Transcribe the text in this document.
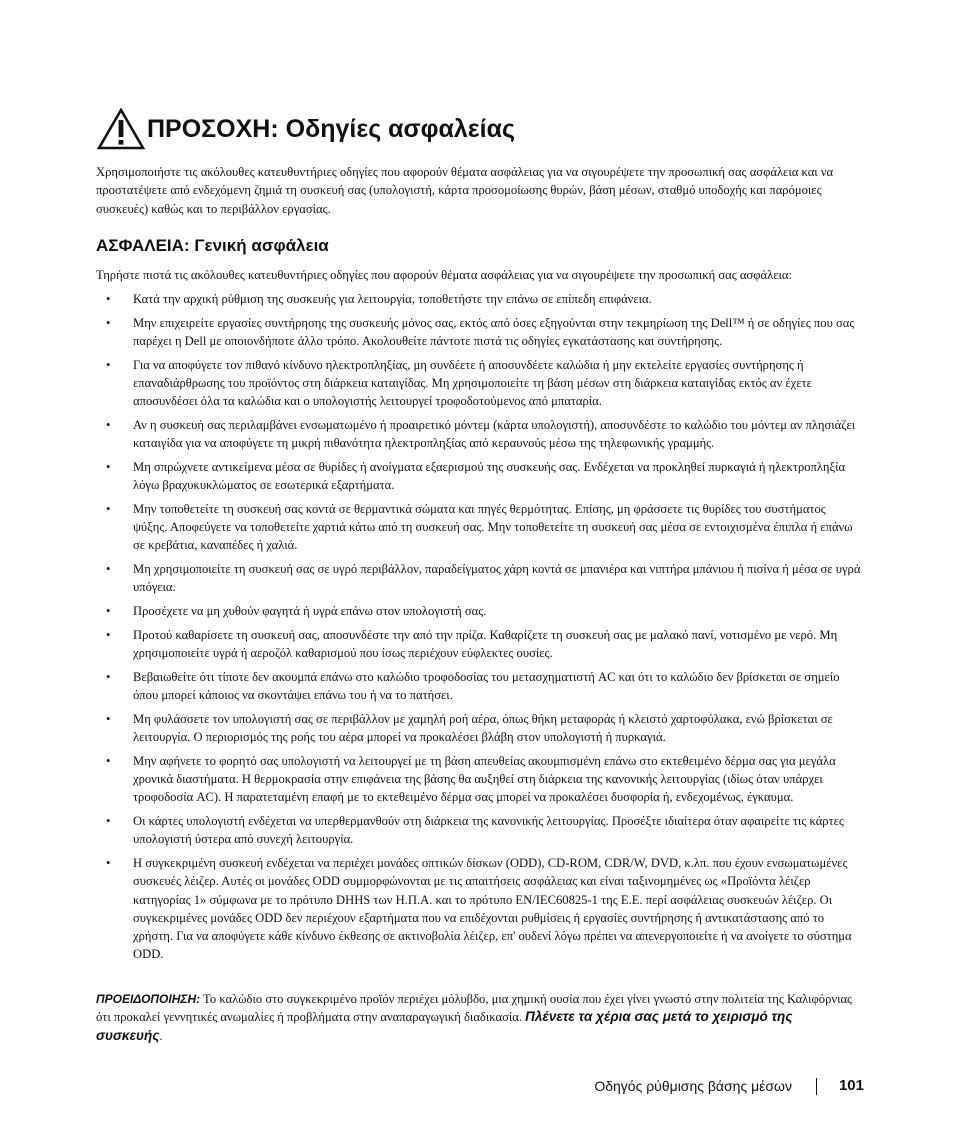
ΠΡΟΣΟΧΗ: Οδηγίες ασφαλείας

Χρησιμοποιήστε τις ακόλουθες κατευθυντήριες οδηγίες που αφορούν θέματα ασφάλειας για να σιγουρέψετε την προσωπική σας ασφάλεια και να προστατέψετε από ενδεχόμενη ζημιά τη συσκευή σας (υπολογιστή, κάρτα προσομοίωσης θυρών, βάση μέσων, σταθμό υποδοχής και παρόμοιες συσκευές) καθώς και το περιβάλλον εργασίας.

ΑΣΦΑΛΕΙΑ: Γενική ασφάλεια

Τηρήστε πιστά τις ακόλουθες κατευθυντήριες οδηγίες που αφορούν θέματα ασφάλειας για να σιγουρέψετε την προσωπική σας ασφάλεια:

• Κατά την αρχική ρύθμιση της συσκευής για λειτουργία, τοποθετήστε την επάνω σε επίπεδη επιφάνεια.
• Μην επιχειρείτε εργασίες συντήρησης της συσκευής μόνος σας, εκτός από όσες εξηγούνται στην τεκμηρίωση της Dell™ ή σε οδηγίες που σας παρέχει η Dell με οποιονδήποτε άλλο τρόπο. Ακολουθείτε πάντοτε πιστά τις οδηγίες εγκατάστασης και συντήρησης.
• Για να αποφύγετε τον πιθανό κίνδυνο ηλεκτροπληξίας, μη συνδέετε ή αποσυνδέετε καλώδια ή μην εκτελείτε εργασίες συντήρησης ή επαναδιάρθρωσης του προϊόντος στη διάρκεια καταιγίδας. Μη χρησιμοποιείτε τη βάση μέσων στη διάρκεια καταιγίδας εκτός αν έχετε αποσυνδέσει όλα τα καλώδια και ο υπολογιστής λειτουργεί τροφοδοτούμενος από μπαταρία.
• Αν η συσκευή σας περιλαμβάνει ενσωματωμένο ή προαιρετικό μόντεμ (κάρτα υπολογιστή), αποσυνδέστε το καλώδιο του μόντεμ αν πλησιάζει καταιγίδα για να αποφύγετε τη μικρή πιθανότητα ηλεκτροπληξίας από κεραυνούς μέσω της τηλεφωνικής γραμμής.
• Μη σπρώχνετε αντικείμενα μέσα σε θυρίδες ή ανοίγματα εξαερισμού της συσκευής σας. Ενδέχεται να προκληθεί πυρκαγιά ή ηλεκτροπληξία λόγω βραχυκυκλώματος σε εσωτερικά εξαρτήματα.
• Μην τοποθετείτε τη συσκευή σας κοντά σε θερμαντικά σώματα και πηγές θερμότητας. Επίσης, μη φράσσετε τις θυρίδες του συστήματος ψύξης. Αποφεύγετε να τοποθετείτε χαρτιά κάτω από τη συσκευή σας. Μην τοποθετείτε τη συσκευή σας μέσα σε εντοιχισμένα έπιπλα ή επάνω σε κρεβάτια, καναπέδες ή χαλιά.
• Μη χρησιμοποιείτε τη συσκευή σας σε υγρό περιβάλλον, παραδείγματος χάρη κοντά σε μπανιέρα και νιπτήρα μπάνιου ή πισίνα ή μέσα σε υγρά υπόγεια.
• Προσέχετε να μη χυθούν φαγητά ή υγρά επάνω στον υπολογιστή σας.
• Προτού καθαρίσετε τη συσκευή σας, αποσυνδέστε την από την πρίζα. Καθαρίζετε τη συσκευή σας με μαλακό πανί, νοτισμένο με νερό. Μη χρησιμοποιείτε υγρά ή αεροζόλ καθαρισμού που ίσως περιέχουν εύφλεκτες ουσίες.
• Βεβαιωθείτε ότι τίποτε δεν ακουμπά επάνω στο καλώδιο τροφοδοσίας του μετασχηματιστή AC και ότι το καλώδιο δεν βρίσκεται σε σημείο όπου μπορεί κάποιος να σκοντάψει επάνω του ή να το πατήσει.
• Μη φυλάσσετε τον υπολογιστή σας σε περιβάλλον με χαμηλή ροή αέρα, όπως θήκη μεταφοράς ή κλειστό χαρτοφύλακα, ενώ βρίσκεται σε λειτουργία. Ο περιορισμός της ροής του αέρα μπορεί να προκαλέσει βλάβη στον υπολογιστή ή πυρκαγιά.
• Μην αφήνετε το φορητό σας υπολογιστή να λειτουργεί με τη βάση απευθείας ακουμπισμένη επάνω στο εκτεθειμένο δέρμα σας για μεγάλα χρονικά διαστήματα. Η θερμοκρασία στην επιφάνεια της βάσης θα αυξηθεί στη διάρκεια της κανονικής λειτουργίας (ιδίως όταν υπάρχει τροφοδοσία AC). Η παρατεταμένη επαφή με το εκτεθειμένο δέρμα σας μπορεί να προκαλέσει δυσφορία ή, ενδεχομένως, έγκαυμα.
• Οι κάρτες υπολογιστή ενδέχεται να υπερθερμανθούν στη διάρκεια της κανονικής λειτουργίας. Προσέξτε ιδιαίτερα όταν αφαιρείτε τις κάρτες υπολογιστή ύστερα από συνεχή λειτουργία.
• Η συγκεκριμένη συσκευή ενδέχεται να περιέχει μονάδες οπτικών δίσκων (ODD), CD-ROM, CDR/W, DVD, κ.λπ. που έχουν ενσωματωμένες συσκευές λέιζερ. Αυτές οι μονάδες ODD συμμορφώνονται με τις απαιτήσεις ασφάλειας και είναι ταξινομημένες ως «Προϊόντα λέιζερ κατηγορίας 1» σύμφωνα με το πρότυπο DHHS των Η.Π.Α. και το πρότυπο EN/IEC60825-1 της Ε.Ε. περί ασφάλειας συσκευών λέιζερ. Οι συγκεκριμένες μονάδες ODD δεν περιέχουν εξαρτήματα που να επιδέχονται ρυθμίσεις ή εργασίες συντήρησης ή αντικατάστασης από το χρήστη. Για να αποφύγετε κάθε κίνδυνο έκθεσης σε ακτινοβολία λέιζερ, επ' ουδενί λόγω πρέπει να απενεργοποιείτε ή να ανοίγετε το σύστημα ODD.

ΠΡΟΕΙΔΟΠΟΙΗΣΗ: Το καλώδιο στο συγκεκριμένο προϊόν περιέχει μόλυβδο, μια χημική ουσία που έχει γίνει γνωστό στην πολιτεία της Καλιφόρνιας ότι προκαλεί γεννητικές ανωμαλίες ή προβλήματα στην αναπαραγωγική διαδικασία. Πλένετε τα χέρια σας μετά το χειρισμό της συσκευής.

Οδηγός ρύθμισης βάσης μέσων	101
